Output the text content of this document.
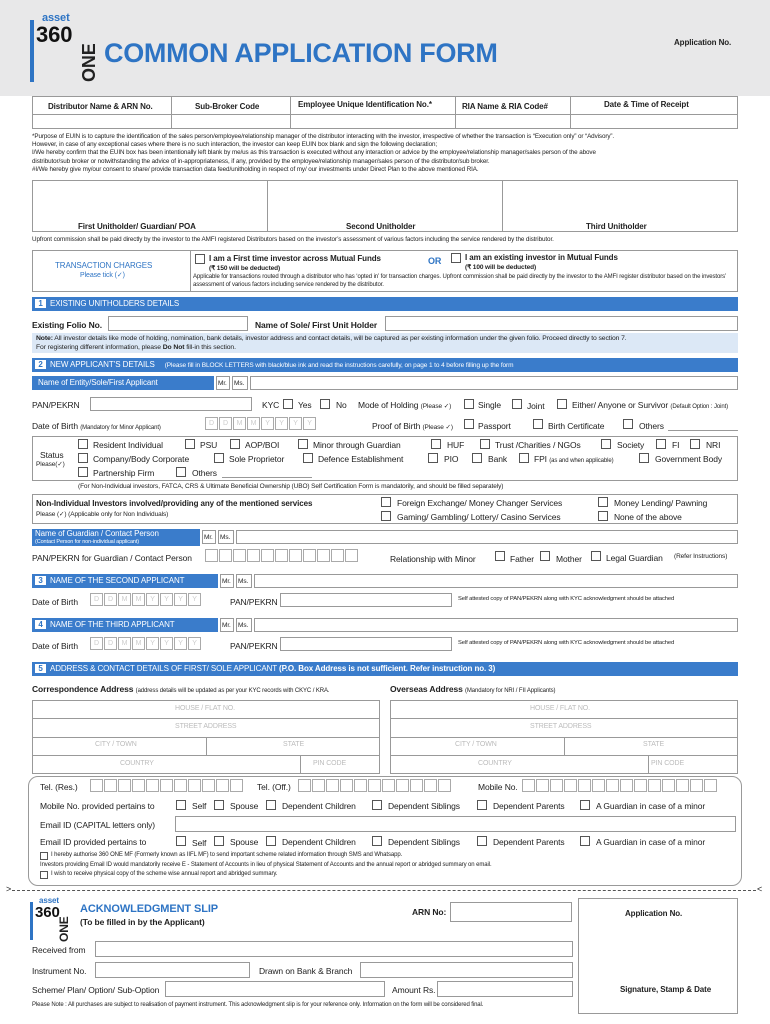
asset
360
ONE COMMON APPLICATION FORM	Application No.
Distributor Name & ARN No.	Sub-Broker Code	Employee Unique Identification No.*	RIA Name & RIA Code#	Date & Time of Receipt
*Purpose of EUIN is to capture the identification of the sales person/employee/relationship manager of the distributor interacting with the investor, irrespective of whether the transaction is “Execution only” or “Advisory”.
However, in case of any exceptional cases where there is no such interaction, the investor can keep EUIN box blank and sign the following declaration;
I/We hereby confirm that the EUIN box has been intentionally left blank by me/us as this transaction is executed without any interaction or advice by the employee/relationship manager/sales person of the above
distributor/sub broker or notwithstanding the advice of in-appropriateness, if any, provided by the employee/relationship manager/sales person of the distributor/sub broker.
#I/We hereby give my/our consent to share/ provide transaction data feed/unitholding in respect of my/ our investments under Direct Plan to the above mentioned RIA.
First Unitholder/ Guardian/ POA	Second Unitholder	Third Unitholder
Upfront commission shall be paid directly by the investor to the AMFI registered Distributors based on the investor’s assessment of various factors including the service rendered by the distributor.
TRANSACTION CHARGES
Please tick (✓)
I am a First time investor across Mutual Funds
(₹ 150 will be deducted)
OR	I am an existing investor in Mutual Funds
(₹ 100 will be deducted)
Applicable for transactions routed through a distributor who has ‘opted in’ for transaction charges. Upfront commission shall be paid directly by the investor to the AMFI register distributor based on the investors’ assessment of various factors including service rendered by the distributor.
1 EXISTING UNITHOLDERS DETAILS
Existing Folio No.	Name of Sole/ First Unit Holder
Note: All investor details like mode of holding, nomination, bank details, investor address and contact details, will be captured as per existing information under the given folio. Proceed directly to section 7.
For registering different information, please Do Not fill-in this section.
2 NEW APPLICANT’S DETAILS (Please fill in BLOCK LETTERS with black/blue ink and read the instructions carefully, on page 1 to 4 before filling up the form
Name of Entity/Sole/First Applicant	Mr.	Ms.
PAN/PEKRN	KYC Yes	No Mode of Holding (Please ✓)	Single	Joint	Either/ Anyone or Survivor (Default Option : Joint)
Date of Birth (Mandatory for Minor Applicant)
D	D	M	M	Y	Y	Y	Y	Proof of Birth (Please ✓)	Passport	Birth Certificate	Others
Status
Please(✓)
Resident Individual	PSU	AOP/BOI	Minor through Guardian	HUF	Trust /Charities / NGOs	Society	FI	NRI
Company/Body Corporate	Sole Proprietor	Defence Establishment	PIO	Bank	FPI (as and when applicable)	Government Body
Partnership Firm	Others
(For Non-Individual investors, FATCA, CRS & Ultimate Beneficial Ownership (UBO) Self Certification Form is mandatorily, and should be filled separately)
Non-Individual Investors involved/providing any of the mentioned services
Please (✓) (Applicable only for Non Individuals)
Foreign Exchange/ Money Changer Services	Money Lending/ Pawning
Gaming/ Gambling/ Lottery/ Casino Services	None of the above
Name of Guardian / Contact Person
(Contact Person for non-individual applicant)
Mr.	Ms.
PAN/PEKRN for Guardian / Contact Person	Relationship with Minor	Father	Mother	Legal Guardian (Refer Instructions)
3 NAME OF THE SECOND APPLICANT	Mr.	Ms.
Date of Birth	D	D	M	M	Y	Y	Y	Y	PAN/PEKRN	Self attested copy of PAN/PEKRN along with KYC acknowledgment should be attached
4 NAME OF THE THIRD APPLICANT	Mr.	Ms.
Date of Birth	D	D	M	M	Y	Y	Y	Y	PAN/PEKRN	Self attested copy of PAN/PEKRN along with KYC acknowledgment should be attached
5 ADDRESS & CONTACT DETAILS OF FIRST/ SOLE APPLICANT (P.O. Box Address is not sufficient. Refer instruction no. 3)
Correspondence Address (address details will be updated as per your KYC records with CKYC / KRA.	Overseas Address (Mandatory for NRI / FII Applicants)
HOUSE / FLAT NO.
STREET ADDRESS
CITY / TOWN	STATE
COUNTRY	PIN CODE
HOUSE / FLAT NO.
STREET ADDRESS
CITY / TOWN	STATE
COUNTRY	PIN CODE
Tel. (Res.)	Tel. (Off.)	Mobile No.
Mobile No. provided pertains to	Self	Spouse	Dependent Children	Dependent Siblings	Dependent Parents	A Guardian in case of a minor
Email ID (CAPITAL letters only)
Email ID provided pertains to	Self	Spouse	Dependent Children	Dependent Siblings	Dependent Parents	A Guardian in case of a minor
I hereby authorise 360 ONE MF (Formerly known as IIFL MF) to send important scheme related information through SMS and Whatsapp.
Investors providing Email ID would mandatorily receive E - Statement of Accounts in lieu of physical Statement of Accounts and the annual report or abridged summary on email.
I wish to receive physical copy of the scheme wise annual report and abridged summary.
>	<
asset
360
ONE
ACKNOWLEDGMENT SLIP
(To be filled in by the Applicant)
ARN No:	Application No.
Signature, Stamp & Date
Received from
Instrument No.	Drawn on Bank & Branch
Scheme/ Plan/ Option/ Sub-Option	Amount Rs.
Please Note : All purchases are subject to realisation of payment instrument. This acknowledgment slip is for your reference only. Information on the form will be considered final.
